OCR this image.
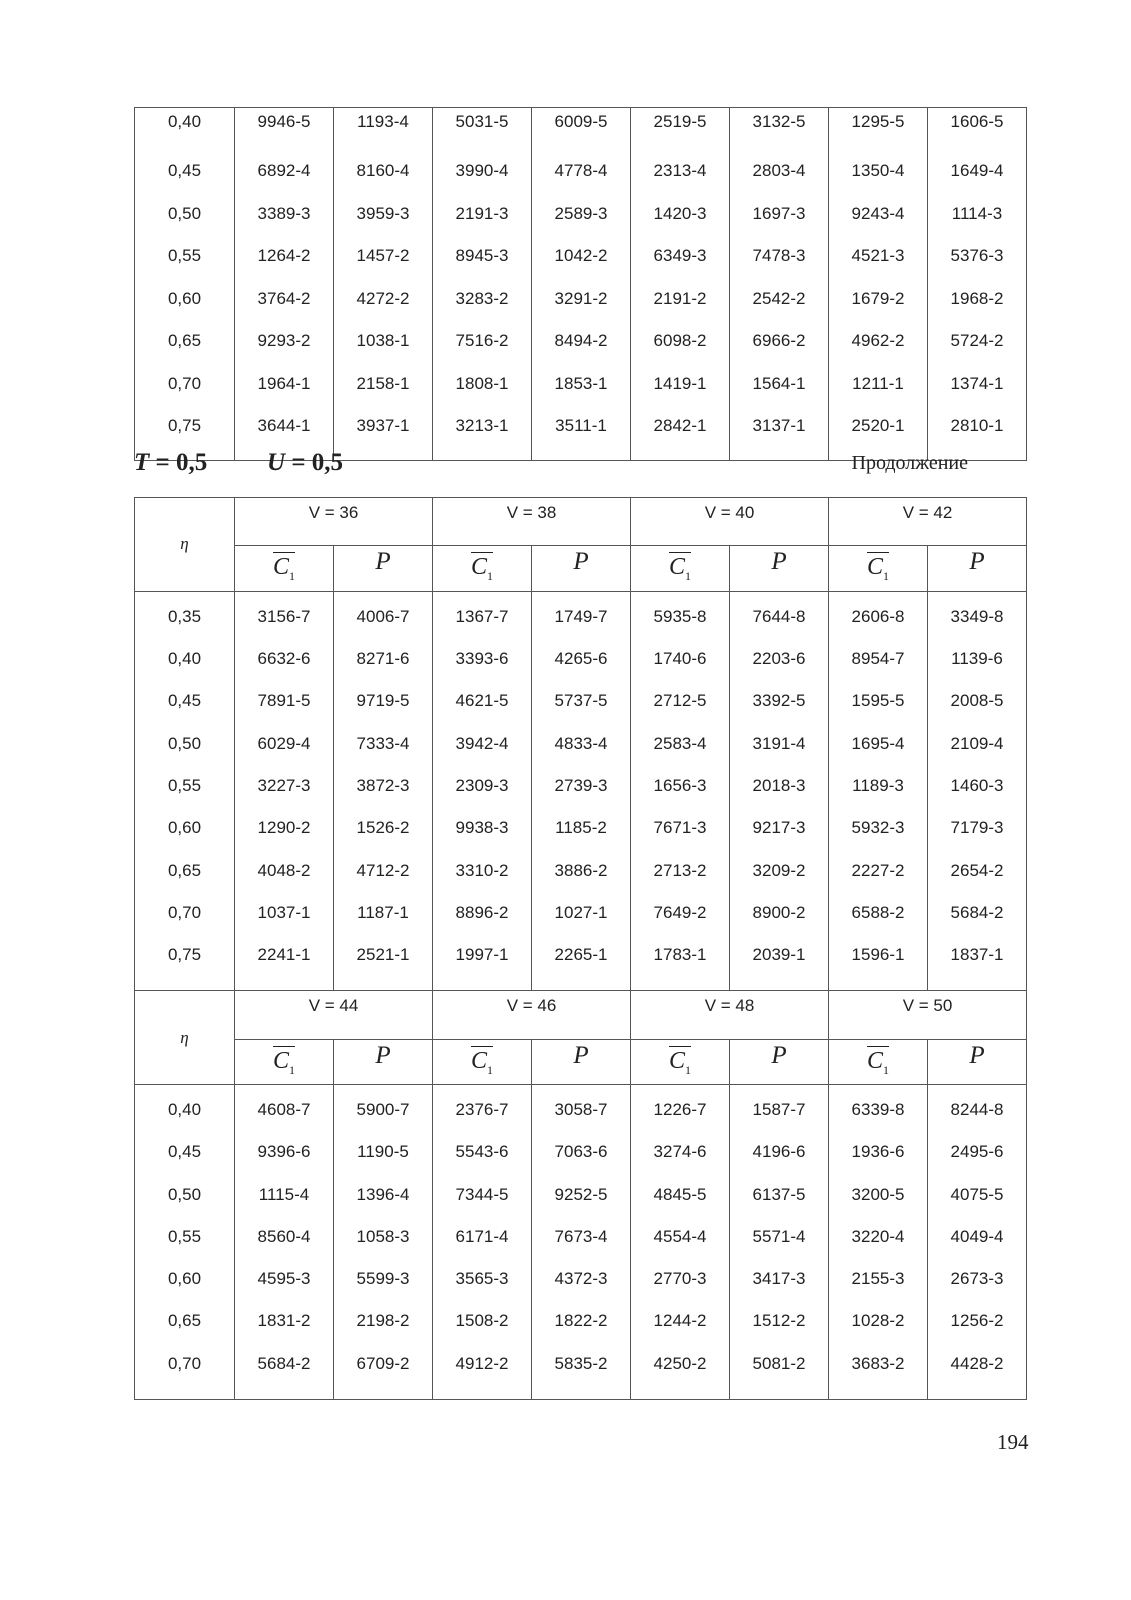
0,40	9946-5	1193-4	5031-5	6009-5	2519-5	3132-5	1295-5	1606-5
0,45	6892-4	8160-4	3990-4	4778-4	2313-4	2803-4	1350-4	1649-4
0,50	3389-3	3959-3	2191-3	2589-3	1420-3	1697-3	9243-4	1114-3
0,55	1264-2	1457-2	8945-3	1042-2	6349-3	7478-3	4521-3	5376-3
0,60	3764-2	4272-2	3283-2	3291-2	2191-2	2542-2	1679-2	1968-2
0,65	9293-2	1038-1	7516-2	8494-2	6098-2	6966-2	4962-2	5724-2
0,70	1964-1	2158-1	1808-1	1853-1	1419-1	1564-1	1211-1	1374-1
0,75	3644-1	3937-1	3213-1	3511-1	2842-1	3137-1	2520-1	2810-1
T = 0,5 U = 0,5	Продолжение
η	V = 36		V = 38		V = 40		V = 42	
	$C_1$	P	$C_1$	P	$C_1$	P	$C_1$	P
0,35	3156-7	4006-7	1367-7	1749-7	5935-8	7644-8	2606-8	3349-8
0,40	6632-6	8271-6	3393-6	4265-6	1740-6	2203-6	8954-7	1139-6
0,45	7891-5	9719-5	4621-5	5737-5	2712-5	3392-5	1595-5	2008-5
0,50	6029-4	7333-4	3942-4	4833-4	2583-4	3191-4	1695-4	2109-4
0,55	3227-3	3872-3	2309-3	2739-3	1656-3	2018-3	1189-3	1460-3
0,60	1290-2	1526-2	9938-3	1185-2	7671-3	9217-3	5932-3	7179-3
0,65	4048-2	4712-2	3310-2	3886-2	2713-2	3209-2	2227-2	2654-2
0,70	1037-1	1187-1	8896-2	1027-1	7649-2	8900-2	6588-2	5684-2
0,75	2241-1	2521-1	1997-1	2265-1	1783-1	2039-1	1596-1	1837-1
η	V = 44		V = 46		V = 48		V = 50	
	$C_1$	P	$C_1$	P	$C_1$	P	$C_1$	P
0,40	4608-7	5900-7	2376-7	3058-7	1226-7	1587-7	6339-8	8244-8
0,45	9396-6	1190-5	5543-6	7063-6	3274-6	4196-6	1936-6	2495-6
0,50	1115-4	1396-4	7344-5	9252-5	4845-5	6137-5	3200-5	4075-5
0,55	8560-4	1058-3	6171-4	7673-4	4554-4	5571-4	3220-4	4049-4
0,60	4595-3	5599-3	3565-3	4372-3	2770-3	3417-3	2155-3	2673-3
0,65	1831-2	2198-2	1508-2	1822-2	1244-2	1512-2	1028-2	1256-2
0,70	5684-2	6709-2	4912-2	5835-2	4250-2	5081-2	3683-2	4428-2
194
